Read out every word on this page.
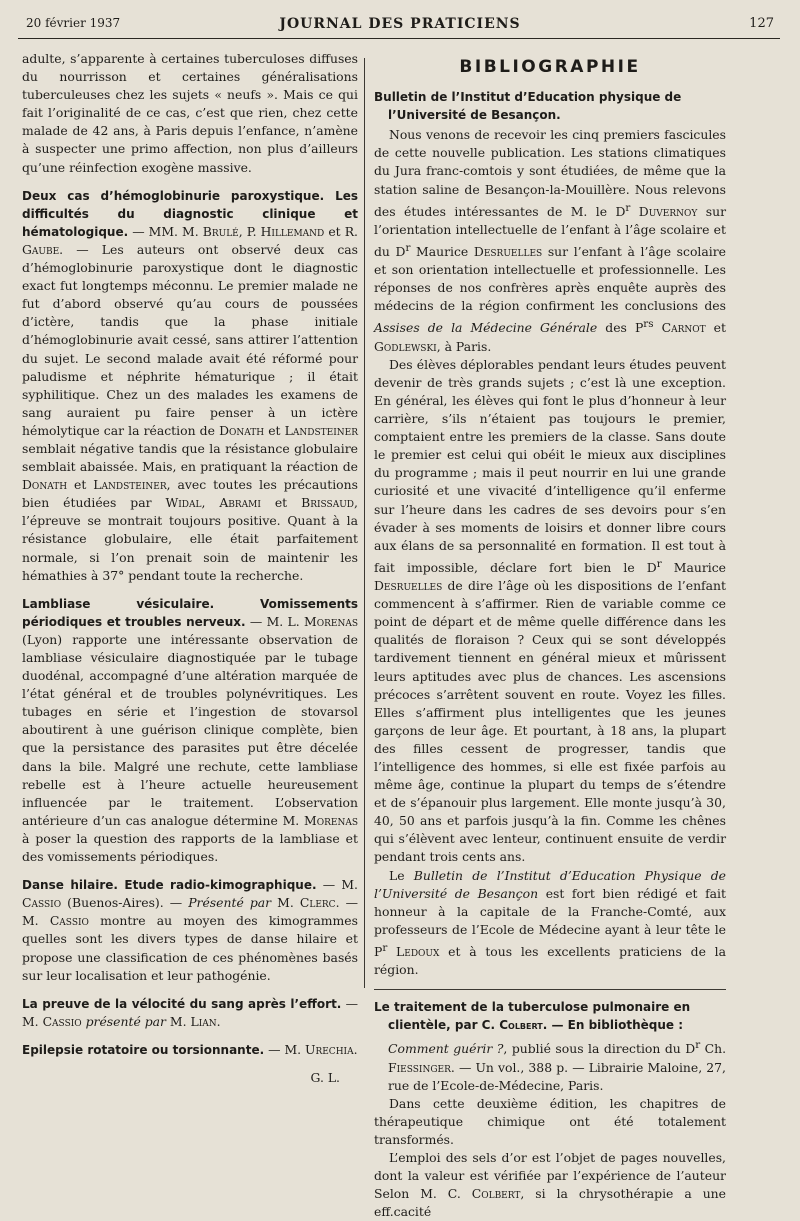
20 février 1937	JOURNAL DES PRATICIENS	127

adulte, s’apparente à certaines tuberculoses diffuses du nourrisson et certaines généralisations tuberculeuses chez les sujets « neufs ». Mais ce qui fait l’originalité de ce cas, c’est que rien, chez cette malade de 42 ans, à Paris depuis l’enfance, n’amène à suspecter une primo affection, non plus d’ailleurs qu’une réinfection exogène massive.

Deux cas d’hémoglobinurie paroxystique. Les difficultés du diagnostic clinique et hématologique. — MM. M. Brulé, P. Hillemand et R. Gaube. — Les auteurs ont observé deux cas d’hémoglobinurie paroxystique dont le diagnostic exact fut longtemps méconnu. Le premier malade ne fut d’abord observé qu’au cours de poussées d’ictère, tandis que la phase initiale d’hémoglobinurie avait cessé, sans attirer l’attention du sujet. Le second malade avait été réformé pour paludisme et néphrite hématurique ; il était syphilitique. Chez un des malades les examens de sang auraient pu faire penser à un ictère hémolytique car la réaction de Donath et Landsteiner semblait négative tandis que la résistance globulaire semblait abaissée. Mais, en pratiquant la réaction de Donath et Landsteiner, avec toutes les précautions bien étudiées par Widal, Abrami et Brissaud, l’épreuve se montrait toujours positive. Quant à la résistance globulaire, elle était parfaitement normale, si l’on prenait soin de maintenir les hémathies à 37° pendant toute la recherche.

Lambliase vésiculaire. Vomissements périodiques et troubles nerveux. — M. L. Morenas (Lyon) rapporte une intéressante observation de lambliase vésiculaire diagnostiquée par le tubage duodénal, accompagné d’une altération marquée de l’état général et de troubles polynévritiques. Les tubages en série et l’ingestion de stovarsol aboutirent à une guérison clinique complète, bien que la persistance des parasites put être décelée dans la bile. Malgré une rechute, cette lambliase rebelle est à l’heure actuelle heureusement influencée par le traitement. L’observation antérieure d’un cas analogue détermine M. Morenas à poser la question des rapports de la lambliase et des vomissements périodiques.

Danse hilaire. Etude radio-kimographique. — M. Cassio (Buenos-Aires). — Présenté par M. Clerc. — M. Cassio montre au moyen des kimogrammes quelles sont les divers types de danse hilaire et propose une classification de ces phénomènes basés sur leur localisation et leur pathogénie.

La preuve de la vélocité du sang après l’effort. — M. Cassio présenté par M. Lian.

Epilepsie rotatoire ou torsionnante. — M. Urechia.

G. L.

BIBLIOGRAPHIE
Bulletin de l’Institut d’Education physique de
l’Université de Besançon.

Nous venons de recevoir les cinq premiers fascicules de cette nouvelle publication. Les stations climatiques du Jura franc-comtois y sont étudiées, de même que la station saline de Besançon-la-Mouillère. Nous relevons des études intéressantes de M. le $D^r$ Duvernoy sur l’orientation intellectuelle de l’enfant à l’âge scolaire et du $D^r$ Maurice Desruelles sur l’enfant à l’âge scolaire et son orientation intellectuelle et professionnelle. Les réponses de nos confrères après enquête auprès des médecins de la région confirment les conclusions des Assises de la Médecine Générale des $P^{rs}$ Carnot et Godlewski, à Paris.

Des élèves déplorables pendant leurs études peuvent devenir de très grands sujets ; c’est là une exception. En général, les élèves qui font le plus d’honneur à leur carrière, s’ils n’étaient pas toujours le premier, comptaient entre les premiers de la classe. Sans doute le premier est celui qui obéit le mieux aux disciplines du programme ; mais il peut nourrir en lui une grande curiosité et une vivacité d’intelligence qu’il enferme sur l’heure dans les cadres de ses devoirs pour s’en évader à ses moments de loisirs et donner libre cours aux élans de sa personnalité en formation. Il est tout à fait impossible, déclare fort bien le $D^r$ Maurice Desruelles de dire l’âge où les dispositions de l’enfant commencent à s’affirmer. Rien de variable comme ce point de départ et de même quelle différence dans les qualités de floraison ? Ceux qui se sont développés tardivement tiennent en général mieux et mûrissent leurs aptitudes avec plus de chances. Les ascensions précoces s’arrêtent souvent en route. Voyez les filles. Elles s’affirment plus intelligentes que les jeunes garçons de leur âge. Et pourtant, à 18 ans, la plupart des filles cessent de progresser, tandis que l’intelligence des hommes, si elle est fixée parfois au même âge, continue la plupart du temps de s’étendre et de s’épanouir plus largement. Elle monte jusqu’à 30, 40, 50 ans et parfois jusqu’à la fin. Comme les chênes qui s’élèvent avec lenteur, continuent ensuite de verdir pendant trois cents ans.

Le Bulletin de l’Institut d’Education Physique de l’Université de Besançon est fort bien rédigé et fait honneur à la capitale de la Franche-Comté, aux professeurs de l’Ecole de Médecine ayant à leur tête le $P^r$ Ledoux et à tous les excellents praticiens de la région.

Le traitement de la tuberculose pulmonaire en
clientèle, par C. Colbert. — En bibliothèque :

Comment guérir ?, publié sous la direction du $D^r$ Ch. Fiessinger. — Un vol., 388 p. — Librairie Maloine, 27, rue de l’Ecole-de-Médecine, Paris.

Dans cette deuxième édition, les chapitres de thérapeutique chimique ont été totalement transformés.

L’emploi des sels d’or est l’objet de pages nouvelles, dont la valeur est vérifiée par l’expérience de l’auteur Selon M. C. Colbert, si la chrysothérapie a une eff.cacité
